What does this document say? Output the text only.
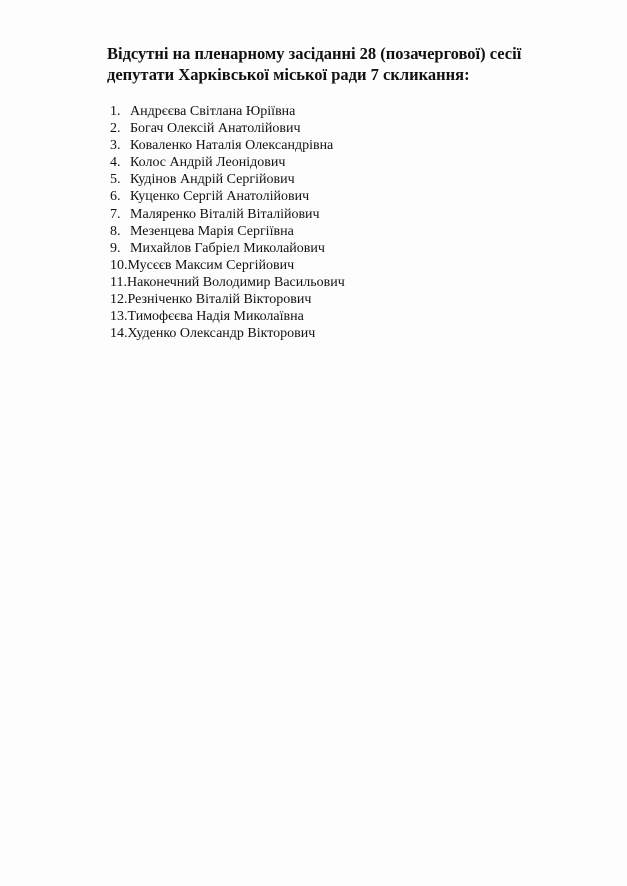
Відсутні на пленарному засіданні 28 (позачергової) сесії
депутати Харківської міської ради 7 скликання:
1. Андрєєва Світлана Юріївна
2. Богач Олексій Анатолійович
3. Коваленко Наталія Олександрівна
4. Колос Андрій Леонідович
5. Кудінов Андрій Сергійович
6. Куценко Сергій Анатолійович
7. Маляренко Віталій Віталійович
8. Мезенцева Марія Сергіївна
9. Михайлов Габріел Миколайович
10. Мусєєв Максим Сергійович
11. Наконечний Володимир Васильович
12. Резніченко Віталій Вікторович
13. Тимофєєва Надія Миколаївна
14. Худенко Олександр Вікторович
